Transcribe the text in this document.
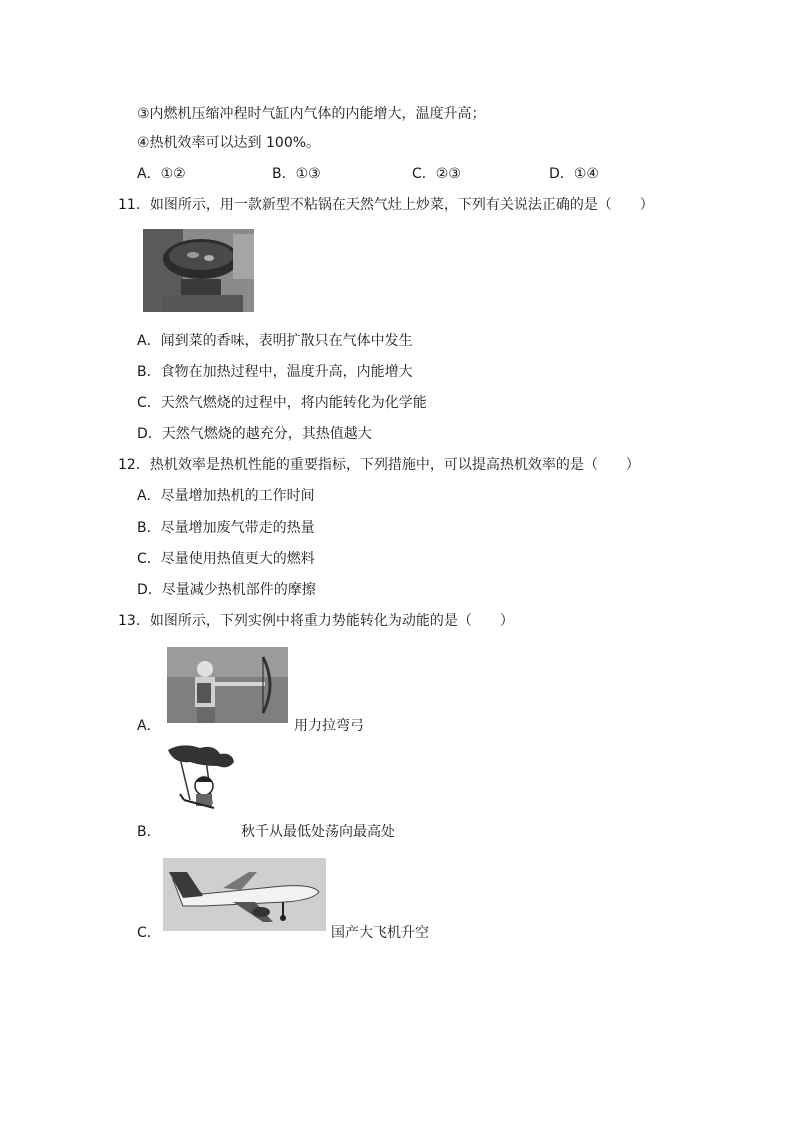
③内燃机压缩冲程时气缸内气体的内能增大，温度升高；
④热机效率可以达到 100%。
A．①②	B．①③	C．②③	D．①④
11．如图所示，用一款新型不粘锅在天然气灶上炒菜，下列有关说法正确的是（　　）
A．闻到菜的香味，表明扩散只在气体中发生
B．食物在加热过程中，温度升高，内能增大
C．天然气燃烧的过程中，将内能转化为化学能
D．天然气燃烧的越充分，其热值越大
12．热机效率是热机性能的重要指标，下列措施中，可以提高热机效率的是（　　）
A．尽量增加热机的工作时间
B．尽量增加废气带走的热量
C．尽量使用热值更大的燃料
D．尽量减少热机部件的摩擦
13．如图所示，下列实例中将重力势能转化为动能的是（　　）
A．	用力拉弯弓
B．	秋千从最低处荡向最高处
C．	国产大飞机升空
